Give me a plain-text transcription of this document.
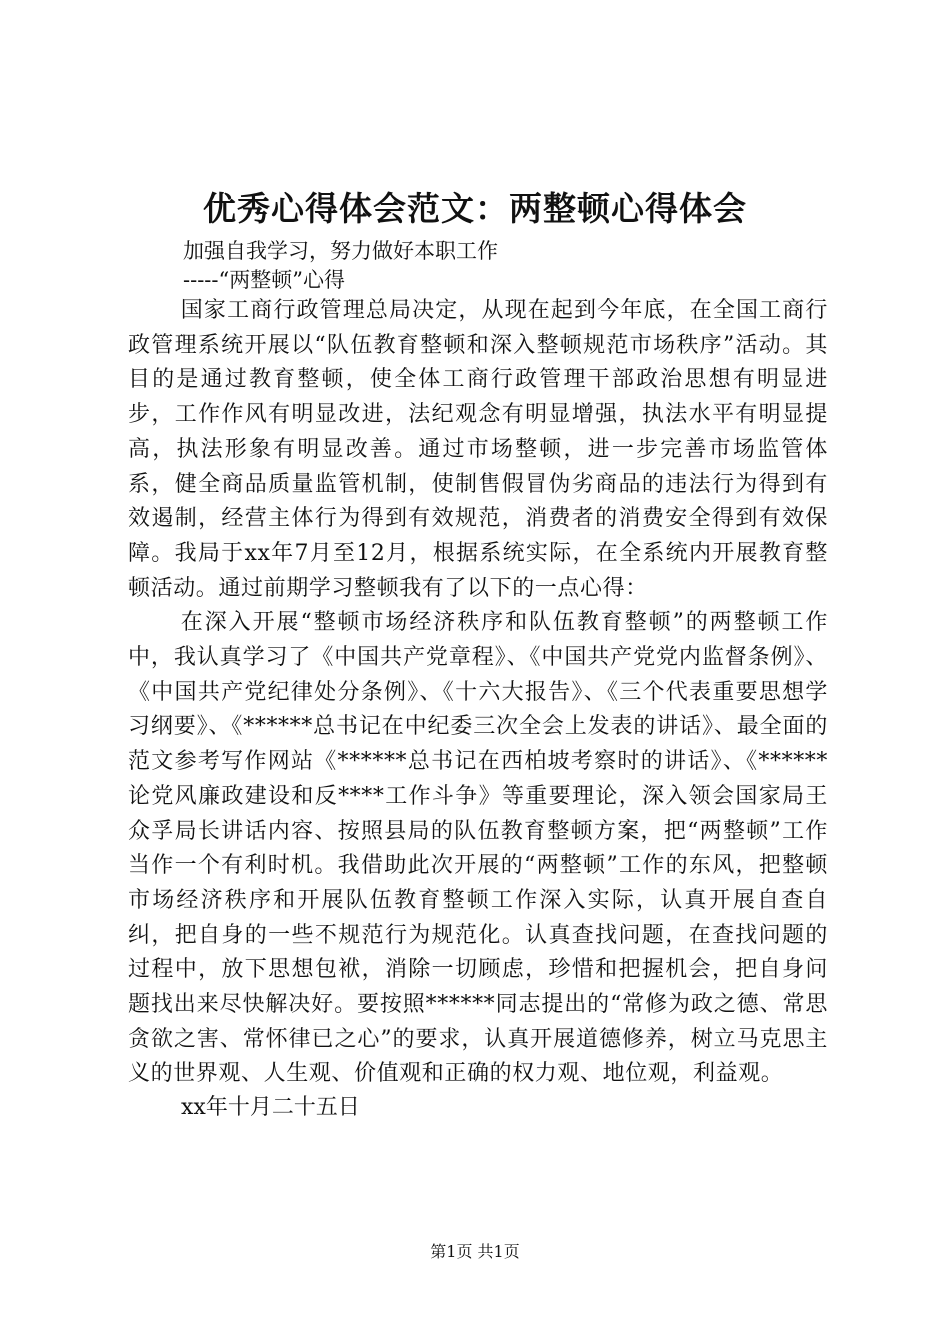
优秀心得体会范文：两整顿心得体会
加强自我学习，努力做好本职工作
-----“两整顿”心得

国家工商行政管理总局决定，从现在起到今年底，在全国工商行政管理系统开展以“队伍教育整顿和深入整顿规范市场秩序”活动。其目的是通过教育整顿，使全体工商行政管理干部政治思想有明显进步，工作作风有明显改进，法纪观念有明显增强，执法水平有明显提高，执法形象有明显改善。通过市场整顿，进一步完善市场监管体系，健全商品质量监管机制，使制售假冒伪劣商品的违法行为得到有效遏制，经营主体行为得到有效规范，消费者的消费安全得到有效保障。我局于xx年7月至12月，根据系统实际，在全系统内开展教育整顿活动。通过前期学习整顿我有了以下的一点心得：

在深入开展“整顿市场经济秩序和队伍教育整顿”的两整顿工作中，我认真学习了《中国共产党章程》、《中国共产党党内监督条例》、《中国共产党纪律处分条例》、《十六大报告》、《三个代表重要思想学习纲要》、《******总书记在中纪委三次全会上发表的讲话》、最全面的范文参考写作网站《******总书记在西柏坡考察时的讲话》、《******论党风廉政建设和反****工作斗争》等重要理论，深入领会国家局王众孚局长讲话内容、按照县局的队伍教育整顿方案，把“两整顿”工作当作一个有利时机。我借助此次开展的“两整顿”工作的东风，把整顿市场经济秩序和开展队伍教育整顿工作深入实际，认真开展自查自纠，把自身的一些不规范行为规范化。认真查找问题，在查找问题的过程中，放下思想包袱，消除一切顾虑，珍惜和把握机会，把自身问题找出来尽快解决好。要按照******同志提出的“常修为政之德、常思贪欲之害、常怀律已之心”的要求，认真开展道德修养，树立马克思主义的世界观、人生观、价值观和正确的权力观、地位观，利益观。

xx年十月二十五日
第1页 共1页
